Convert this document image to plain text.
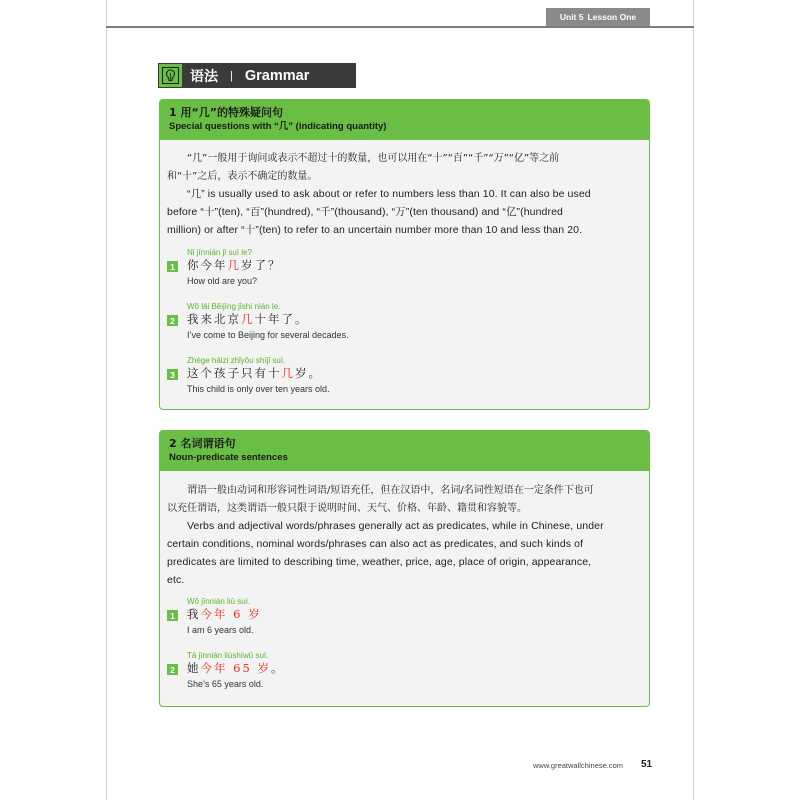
Unit 5 Lesson One
语法 | Grammar
1 用“几”的特殊疑问句
Special questions with “几” (indicating quantity)
“几”一般用于询问或表示不超过十的数量，也可以用在“十”“百”“千”“万”“亿”等之前
和“十”之后，表示不确定的数量。
“几” is usually used to ask about or refer to numbers less than 10. It can also be used
before “十”(ten), “百”(hundred), “千”(thousand), “万”(ten thousand) and “亿”(hundred
million) or after “十”(ten) to refer to an uncertain number more than 10 and less than 20.
Nǐ jīnnián jǐ suì le?
1 你今年几岁了？
How old are you?
Wǒ lái Běijīng jǐshí nián le.
2 我来北京几十年了。
I’ve come to Beijing for several decades.
Zhège háizi zhǐyǒu shíjǐ suì.
3 这个孩子只有十几岁。
This child is only over ten years old.
2 名词谓语句
Noun-predicate sentences
谓语一般由动词和形容词性词语/短语充任，但在汉语中，名词/名词性短语在一定条件下也可
以充任谓语，这类谓语一般只限于说明时间、天气、价格、年龄、籍贯和容貌等。
Verbs and adjectival words/phrases generally act as predicates, while in Chinese, under
certain conditions, nominal words/phrases can also act as predicates, and such kinds of
predicates are limited to describing time, weather, price, age, place of origin, appearance,
etc.
Wǒ jīnnián liù suì.
1 我今年 6 岁
I am 6 years old.
Tā jīnnián liùshíwǔ suì.
2 她今年 65 岁。
She’s 65 years old.
www.greatwallchinese.com 51
